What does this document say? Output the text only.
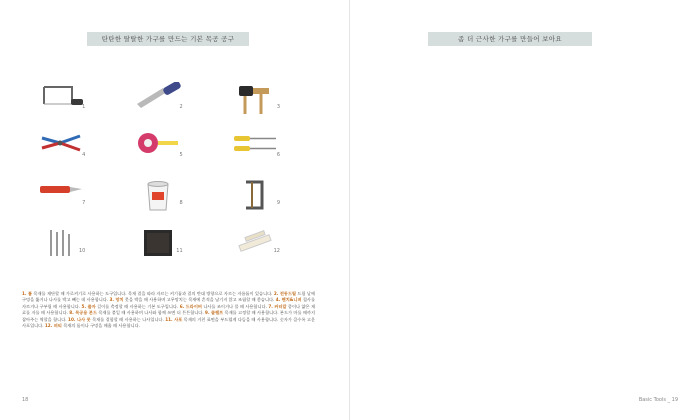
탄탄한 탈탈한 가구를 만드는 기본 목공 공구
1	2	3
4	5	6
7	8	9
10	11	12
1. 톱 목재를 재단할 때 가로켜기로 사용하는 도구입니다. 목재 결을 따라 자르는 켜기톱과 결의 반대 방향으로 자르는 자름톱이 있습니다. 2. 전동드릴 드릴 날에 구멍을 뚫거나 나사를 박고 빼는 데 사용합니다. 3. 망치 못을 박을 때 사용하며 고무망치는 목재에 흔적을 남기지 않고 조립할 때 좋습니다. 4. 펜치&니퍼 철사를 자르거나 구부릴 때 사용합니다. 5. 줄자 길이를 측정할 때 사용하는 기본 도구입니다. 6. 드라이버 나사를 조이거나 풀 때 사용합니다. 7. 커터칼 종이나 얇은 재료를 자를 때 사용합니다. 8. 목공용 본드 목재를 붙일 때 사용하며 나사와 함께 쓰면 더 튼튼합니다. 9. 클램프 목재를 고정할 때 사용합니다. 본드가 마를 때까지 잡아주는 역할을 합니다. 10. 나사 못 목재를 결합할 때 사용하는 나사입니다. 11. 사포 목재의 거친 표면을 부드럽게 다듬을 때 사용합니다. 숫자가 클수록 고운 사포입니다. 12. 퍼티 목재의 틈이나 구멍을 메울 때 사용합니다.
18
좀 더 근사한 가구를 만들어 보아요
Basic Tools _ 19
